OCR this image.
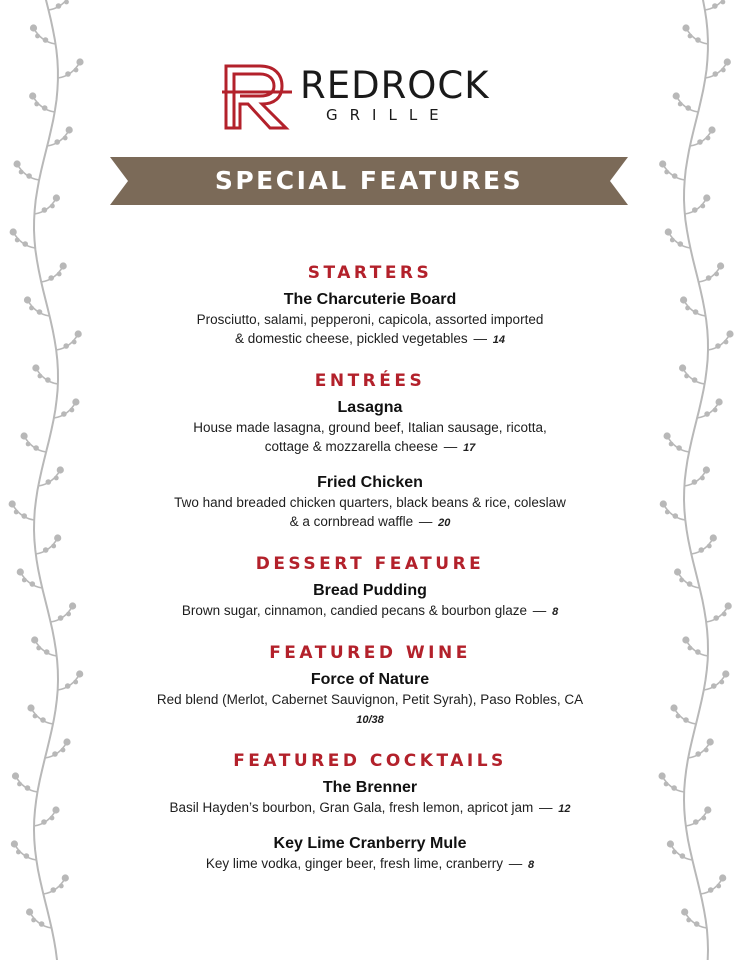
REDROCK
GRILLE
SPECIAL FEATURES
STARTERS
The Charcuterie Board
Prosciutto, salami, pepperoni, capicola, assorted imported
& domestic cheese, pickled vegetables — 14
ENTRÉES
Lasagna
House made lasagna, ground beef, Italian sausage, ricotta,
cottage & mozzarella cheese — 17
Fried Chicken
Two hand breaded chicken quarters, black beans & rice, coleslaw
& a cornbread waffle — 20
DESSERT FEATURE
Bread Pudding
Brown sugar, cinnamon, candied pecans & bourbon glaze — 8
FEATURED WINE
Force of Nature
Red blend (Merlot, Cabernet Sauvignon, Petit Syrah), Paso Robles, CA
10/38
FEATURED COCKTAILS
The Brenner
Basil Hayden’s bourbon, Gran Gala, fresh lemon, apricot jam — 12
Key Lime Cranberry Mule
Key lime vodka, ginger beer, fresh lime, cranberry — 8
